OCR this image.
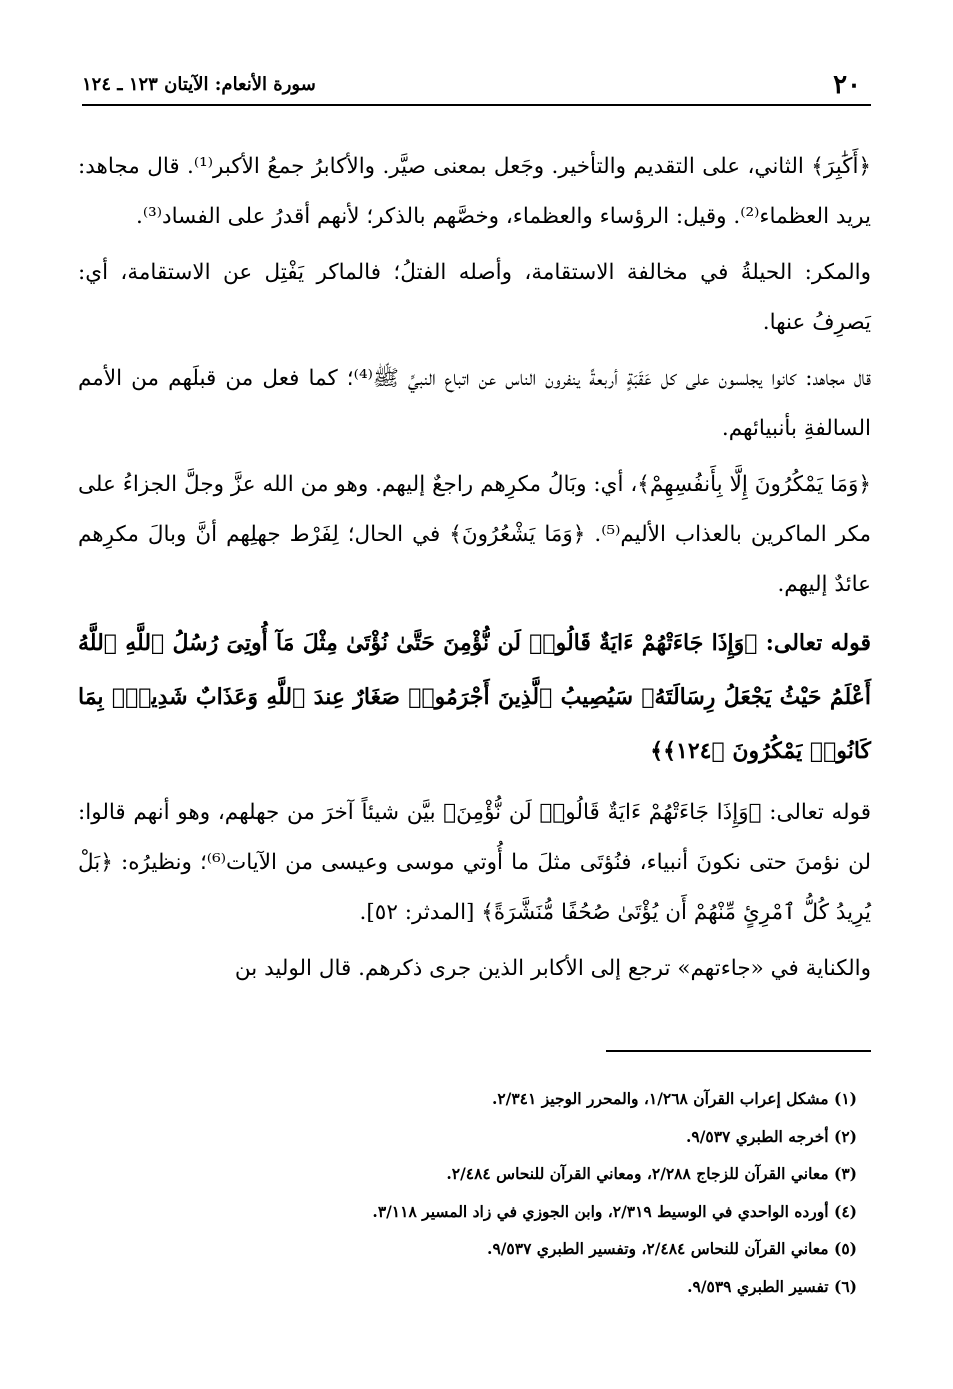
٢٠
سورة الأنعام: الآيتان ١٢٣ ـ ١٢٤

﴿أَكَٰبِرَ﴾ الثاني، على التقديم والتأخير. وجَعل بمعنى صيَّر. والأكابرُ جمعُ الأكبر⁽¹⁾. قال مجاهد: يريد العظماء⁽²⁾. وقيل: الرؤساء والعظماء، وخصَّهم بالذكر؛ لأنهم أقدرُ على الفساد⁽³⁾.

والمكر: الحيلةُ في مخالفة الاستقامة، وأصله الفتلُ؛ فالماكر يَفْتِل عن الاستقامة، أي: يَصرِفُ عنها.

قال مجاهد: كانوا يجلسون على كل عَقَبَةٍ أربعةً ينفرون الناس عن اتباع النبيِّ ﷺ⁽⁴⁾؛ كما فعل من قبلَهم من الأمم السالفةِ بأنبيائهم.

﴿وَمَا يَمْكُرُونَ إِلَّا بِأَنفُسِهِمْ﴾، أي: وبَالُ مكرِهم راجعٌ إليهم. وهو من الله عزَّ وجلَّ الجزاءُ على مكر الماكرين بالعذاب الأليم⁽⁵⁾. ﴿وَمَا يَشْعُرُونَ﴾ في الحال؛ لِفَرْط جهلِهم أنَّ وبالَ مكرِهم عائدٌ إليهم.

قوله تعالى: ﴿وَإِذَا جَاءَتْهُمْ ءَايَةٌ قَالُوا۟ لَن نُّؤْمِنَ حَتَّىٰ نُؤْتَىٰ مِثْلَ مَآ أُوتِىَ رُسُلُ ٱللَّهِ ٱللَّهُ أَعْلَمُ حَيْثُ يَجْعَلُ رِسَالَتَهُۥ سَيُصِيبُ ٱلَّذِينَ أَجْرَمُوا۟ صَغَارٌ عِندَ ٱللَّهِ وَعَذَابٌ شَدِيدٌۢ بِمَا كَانُوا۟ يَمْكُرُونَ ﴿١٢٤﴾﴾

قوله تعالى: ﴿وَإِذَا جَاءَتْهُمْ ءَايَةٌ قَالُوا۟ لَن نُّؤْمِنَ﴾ بيَّن شيئاً آخرَ من جهلهم، وهو أنهم قالوا: لن نؤمنَ حتى نكونَ أنبياء، فنُؤتَى مثلَ ما أُوتي موسى وعيسى من الآيات⁽⁶⁾؛ ونظيرُه: ﴿بَلْ يُرِيدُ كُلُّ ٱمْرِئٍ مِّنْهُمْ أَن يُؤْتَىٰ صُحُفًا مُّنَشَّرَةً﴾ [المدثر: ٥٢].

والكناية في «جاءتهم» ترجع إلى الأكابر الذين جرى ذكرهم. قال الوليد بن

(١) مشكل إعراب القرآن ١/٢٦٨، والمحرر الوجيز ٢/٣٤١.
(٢) أخرجه الطبري ٩/٥٣٧.
(٣) معاني القرآن للزجاج ٢/٢٨٨، ومعاني القرآن للنحاس ٢/٤٨٤.
(٤) أورده الواحدي في الوسيط ٢/٣١٩، وابن الجوزي في زاد المسير ٣/١١٨.
(٥) معاني القرآن للنحاس ٢/٤٨٤، وتفسير الطبري ٩/٥٣٧.
(٦) تفسير الطبري ٩/٥٣٩.
